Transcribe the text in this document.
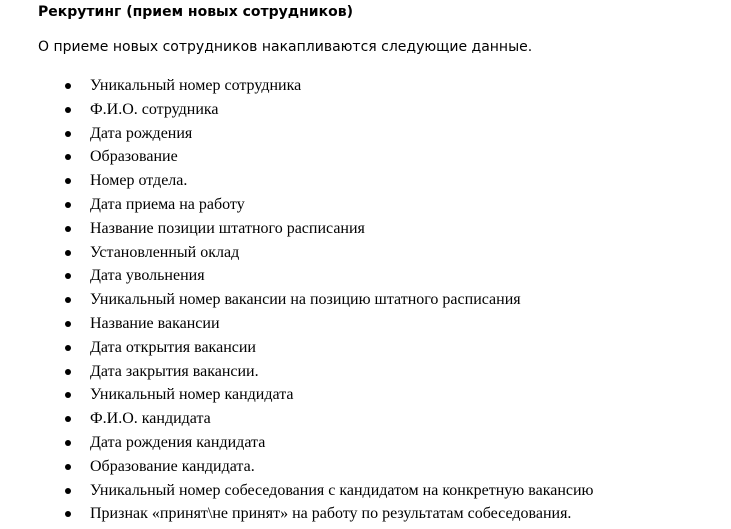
Рекрутинг (прием новых сотрудников)
О приеме новых сотрудников накапливаются следующие данные.
Уникальный номер сотрудника
Ф.И.О. сотрудника
Дата рождения
Образование
Номер отдела.
Дата приема на работу
Название позиции штатного расписания
Установленный оклад
Дата увольнения
Уникальный номер вакансии на позицию штатного расписания
Название вакансии
Дата открытия вакансии
Дата закрытия вакансии.
Уникальный номер кандидата
Ф.И.О. кандидата
Дата рождения кандидата
Образование кандидата.
Уникальный номер собеседования с кандидатом на конкретную вакансию
Признак «принят\не принят» на работу по результатам собеседования.
